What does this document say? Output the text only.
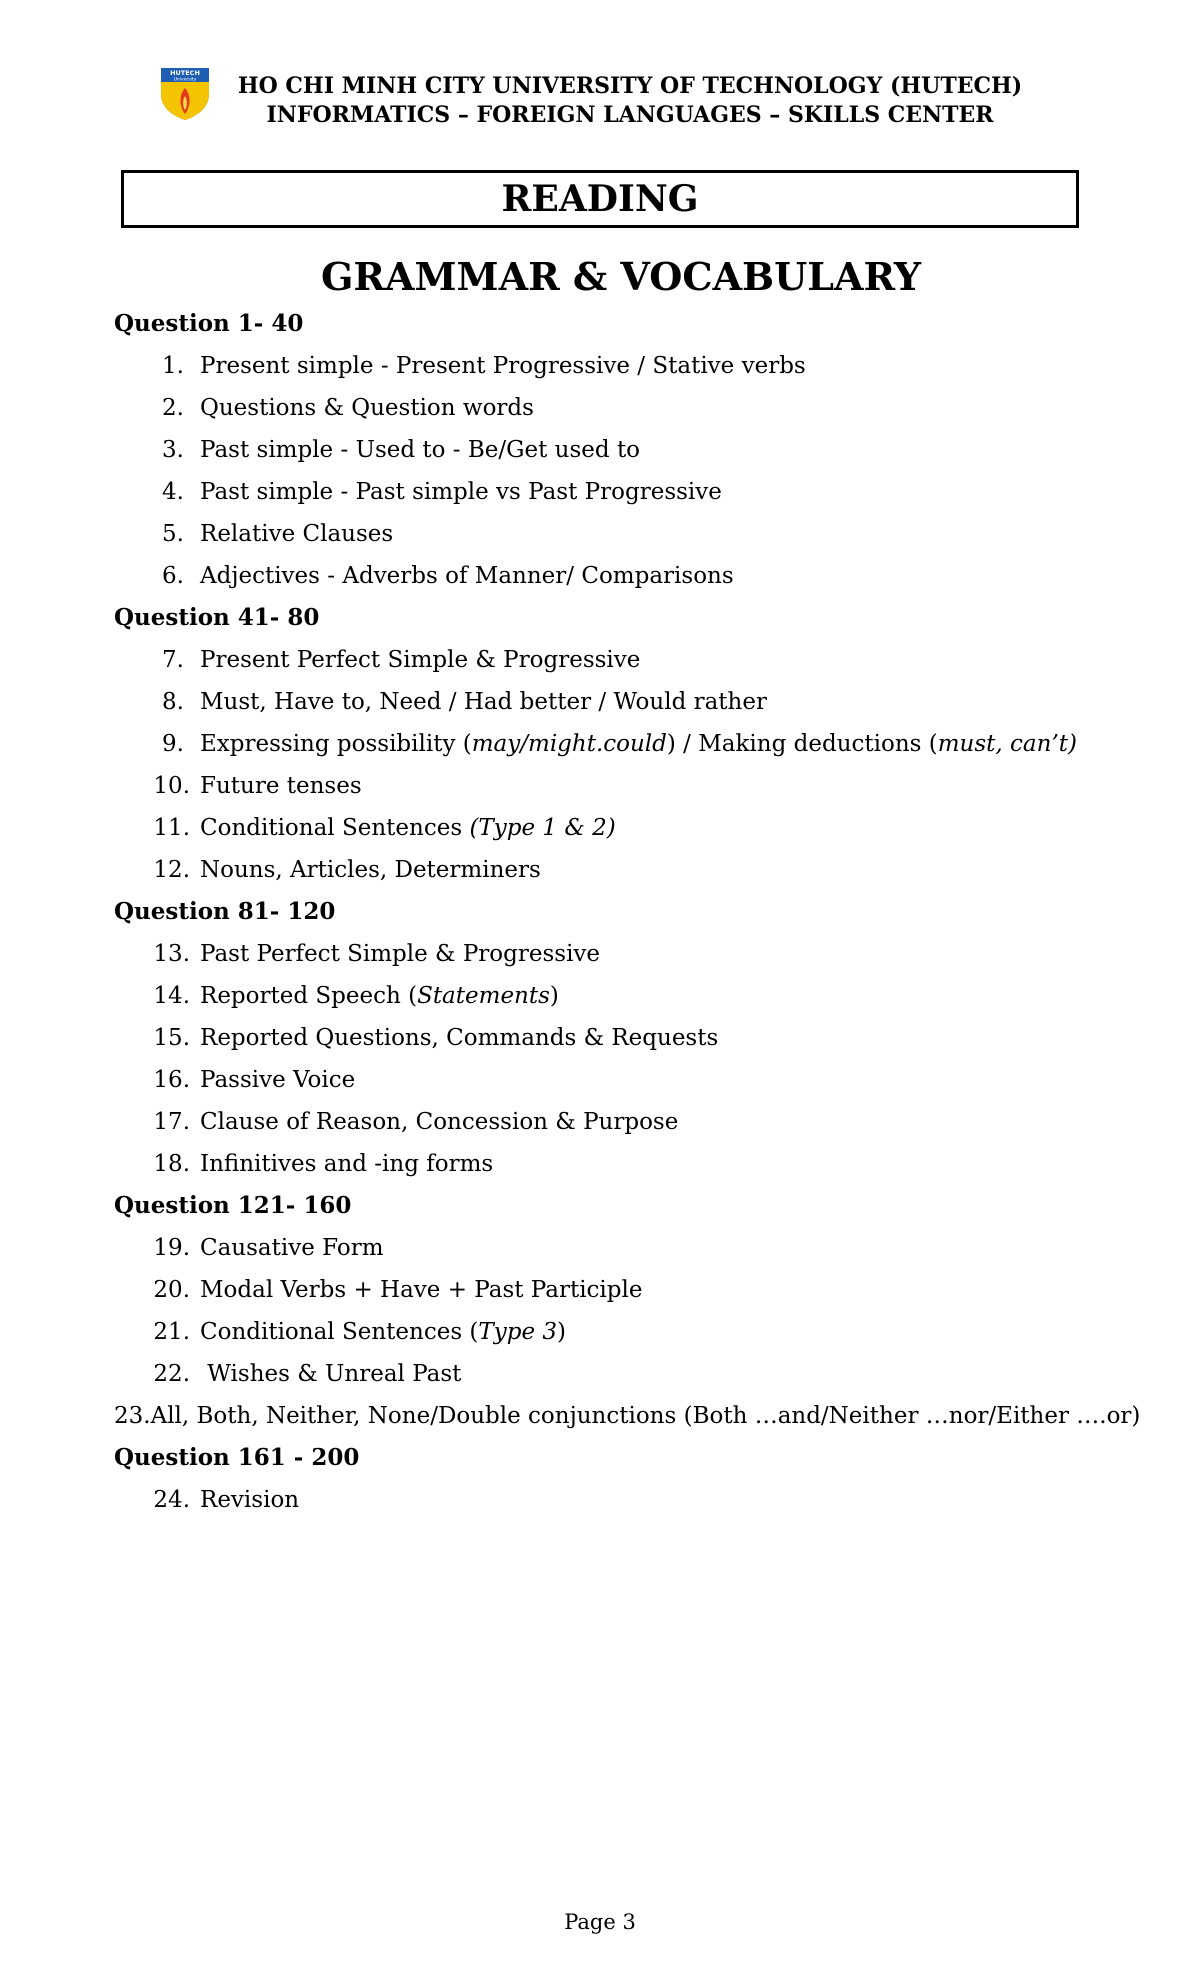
HUTECH
University	HO CHI MINH CITY UNIVERSITY OF TECHNOLOGY (HUTECH)
INFORMATICS – FOREIGN LANGUAGES – SKILLS CENTER
READING
GRAMMAR & VOCABULARY
Question 1- 40
1. Present simple - Present Progressive / Stative verbs
2. Questions & Question words
3. Past simple - Used to - Be/Get used to
4. Past simple - Past simple vs Past Progressive
5. Relative Clauses
6. Adjectives - Adverbs of Manner/ Comparisons
Question 41- 80
7. Present Perfect Simple & Progressive
8. Must, Have to, Need / Had better / Would rather
9. Expressing possibility (may/might.could) / Making deductions (must, can’t)
10. Future tenses
11. Conditional Sentences (Type 1 & 2)
12. Nouns, Articles, Determiners
Question 81- 120
13. Past Perfect Simple & Progressive
14. Reported Speech (Statements)
15. Reported Questions, Commands & Requests
16. Passive Voice
17. Clause of Reason, Concession & Purpose
18. Infinitives and -ing forms
Question 121- 160
19. Causative Form
20. Modal Verbs + Have + Past Participle
21. Conditional Sentences (Type 3)
22. Wishes & Unreal Past
23. All, Both, Neither, None/Double conjunctions (Both …and/Neither …nor/Either ….or)
Question 161 - 200
24. Revision
Page 3
